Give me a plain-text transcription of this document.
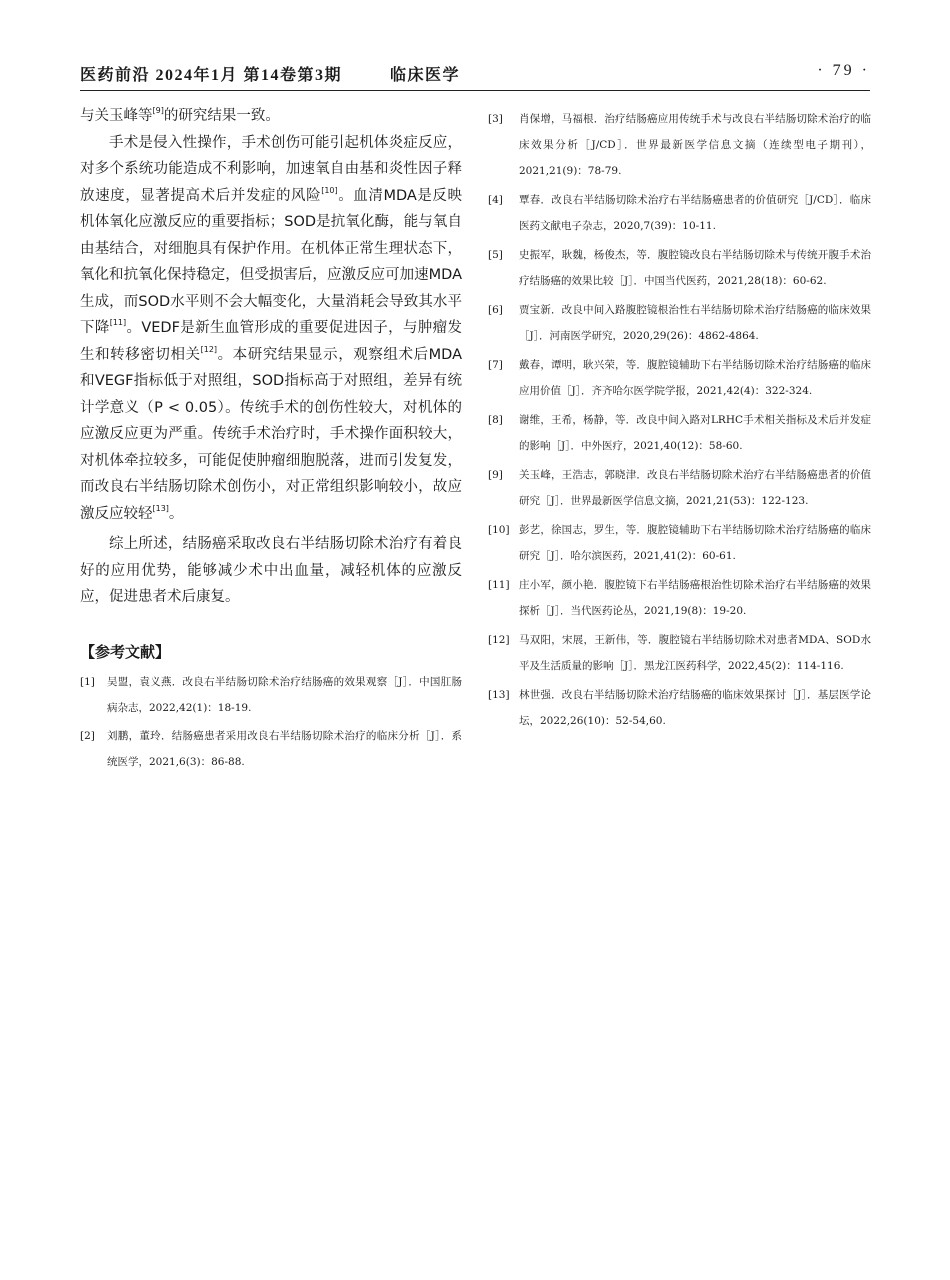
医药前沿 2024年1月 第14卷第3期	临床医学	· 79 ·

与关玉峰等[9]的研究结果一致。

手术是侵入性操作，手术创伤可能引起机体炎症反应，对多个系统功能造成不利影响，加速氧自由基和炎性因子释放速度，显著提高术后并发症的风险[10]。血清MDA是反映机体氧化应激反应的重要指标；SOD是抗氧化酶，能与氧自由基结合，对细胞具有保护作用。在机体正常生理状态下，氧化和抗氧化保持稳定，但受损害后，应激反应可加速MDA生成，而SOD水平则不会大幅变化，大量消耗会导致其水平下降[11]。VEDF是新生血管形成的重要促进因子，与肿瘤发生和转移密切相关[12]。本研究结果显示，观察组术后MDA和VEGF指标低于对照组，SOD指标高于对照组，差异有统计学意义（P < 0.05）。传统手术的创伤性较大，对机体的应激反应更为严重。传统手术治疗时，手术操作面积较大，对机体牵拉较多，可能促使肿瘤细胞脱落，进而引发复发，而改良右半结肠切除术创伤小，对正常组织影响较小，故应激反应较轻[13]。

综上所述，结肠癌采取改良右半结肠切除术治疗有着良好的应用优势，能够减少术中出血量，减轻机体的应激反应，促进患者术后康复。

【参考文献】
[1] 吴盟，袁义燕．改良右半结肠切除术治疗结肠癌的效果观察［J］．中国肛肠病杂志，2022,42(1)：18-19.
[2] 刘鹏，董玲．结肠癌患者采用改良右半结肠切除术治疗的临床分析［J］．系统医学，2021,6(3)：86-88.
[3] 肖保增，马福根．治疗结肠癌应用传统手术与改良右半结肠切除术治疗的临床效果分析［J/CD］．世界最新医学信息文摘（连续型电子期刊），2021,21(9)：78-79.
[4] 覃春．改良右半结肠切除术治疗右半结肠癌患者的价值研究［J/CD］．临床医药文献电子杂志，2020,7(39)：10-11.
[5] 史振军，耿魏，杨俊杰，等．腹腔镜改良右半结肠切除术与传统开腹手术治疗结肠癌的效果比较［J］．中国当代医药，2021,28(18)：60-62.
[6] 贾宝新．改良中间入路腹腔镜根治性右半结肠切除术治疗结肠癌的临床效果［J］．河南医学研究，2020,29(26)：4862-4864.
[7] 戴春，谭明，耿兴荣，等．腹腔镜辅助下右半结肠切除术治疗结肠癌的临床应用价值［J］．齐齐哈尔医学院学报，2021,42(4)：322-324.
[8] 谢维，王希，杨静，等．改良中间入路对LRHC手术相关指标及术后并发症的影响［J］．中外医疗，2021,40(12)：58-60.
[9] 关玉峰，王浩志，郭晓津．改良右半结肠切除术治疗右半结肠癌患者的价值研究［J］．世界最新医学信息文摘，2021,21(53)：122-123.
[10] 彭艺，徐国志，罗生，等．腹腔镜辅助下右半结肠切除术治疗结肠癌的临床研究［J］．哈尔滨医药，2021,41(2)：60-61.
[11] 庄小军，颜小艳．腹腔镜下右半结肠癌根治性切除术治疗右半结肠癌的效果探析［J］．当代医药论丛，2021,19(8)：19-20.
[12] 马双阳，宋展，王新伟，等．腹腔镜右半结肠切除术对患者MDA、SOD水平及生活质量的影响［J］．黑龙江医药科学，2022,45(2)：114-116.
[13] 林世强．改良右半结肠切除术治疗结肠癌的临床效果探讨［J］．基层医学论坛，2022,26(10)：52-54,60.
